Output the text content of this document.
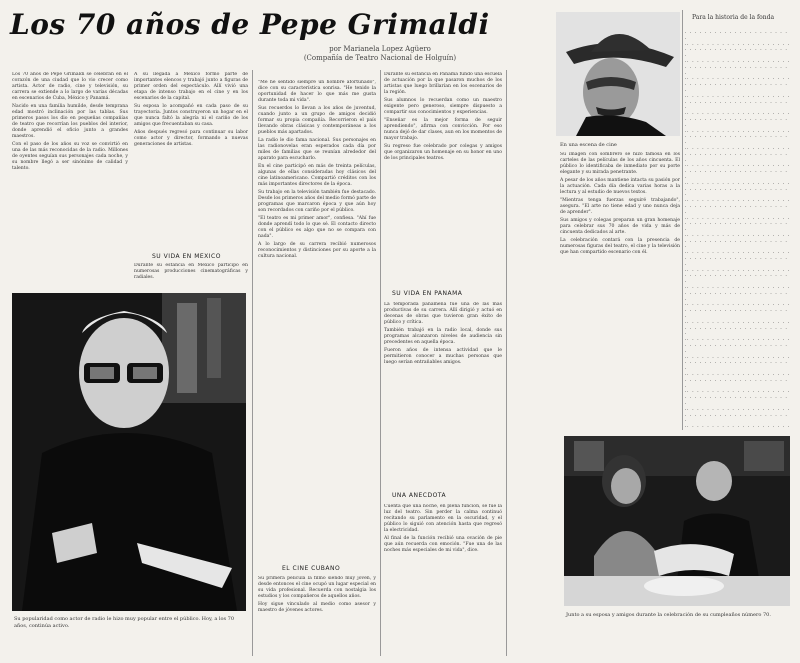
Los 70 años de Pepe Grimaldi
por Marianela Lopez Agüero
(Compañía de Teatro Nacional de Holguín)

Los 70 años de Pepe Grimaldi se celebran en el corazón de una ciudad que lo vio crecer como artista. Actor de radio, cine y televisión, su carrera se extiende a lo largo de varias décadas en escenarios de Cuba, México y Panamá.

Nacido en una familia humilde, desde temprana edad mostró inclinación por las tablas. Sus primeros pasos los dio en pequeñas compañías de teatro que recorrían los pueblos del interior, donde aprendió el oficio junto a grandes maestros.

Con el paso de los años su voz se convirtió en una de las más reconocidas de la radio. Millones de oyentes seguían sus personajes cada noche, y su nombre llegó a ser sinónimo de calidad y talento.

A su llegada a México formó parte de importantes elencos y trabajó junto a figuras de primer orden del espectáculo. Allí vivió una etapa de intenso trabajo en el cine y en los escenarios de la capital.

Su esposa lo acompañó en cada paso de su trayectoria. Juntos construyeron un hogar en el que nunca faltó la alegría ni el cariño de los amigos que frecuentaban su casa.

Años después regresó para continuar su labor como actor y director, formando a nuevas generaciones de artistas.

SU VIDA EN MEXICO

Durante su estancia en México participó en numerosas producciones cinematográficas y radiales.

Su popularidad como actor de radio le hizo muy popular entre el público. Hoy, a los 70 años, continúa activo.

"Me he sentido siempre un hombre afortunado", dice con su característica sonrisa. "He tenido la oportunidad de hacer lo que más me gusta durante toda mi vida".

Sus recuerdos lo llevan a los años de juventud, cuando junto a un grupo de amigos decidió formar su propia compañía. Recorrieron el país llevando obras clásicas y contemporáneas a los pueblos más apartados.

La radio le dio fama nacional. Sus personajes en las radionovelas eran esperados cada día por miles de familias que se reunían alrededor del aparato para escucharlo.

En el cine participó en más de treinta películas, algunas de ellas consideradas hoy clásicos del cine latinoamericano. Compartió créditos con los más importantes directores de la época.

Su trabajo en la televisión también fue destacado. Desde los primeros años del medio formó parte de programas que marcaron época y que aún hoy son recordados con cariño por el público.

"El teatro es mi primer amor", confiesa. "Ahí fue donde aprendí todo lo que sé. El contacto directo con el público es algo que no se compara con nada".

A lo largo de su carrera recibió numerosos reconocimientos y distinciones por su aporte a la cultura nacional.

EL CINE CUBANO

Su primera película la filmó siendo muy joven, y desde entonces el cine ocupó un lugar especial en su vida profesional. Recuerda con nostalgia los estudios y los compañeros de aquellos años.

Hoy sigue vinculado al medio como asesor y maestro de jóvenes actores.

Durante su estancia en Panamá fundó una escuela de actuación por la que pasaron muchos de los artistas que luego brillarían en los escenarios de la región.

Sus alumnos lo recuerdan como un maestro exigente pero generoso, siempre dispuesto a compartir sus conocimientos y experiencias.

"Enseñar es la mejor forma de seguir aprendiendo", afirma con convicción. Por eso nunca dejó de dar clases, aun en los momentos de mayor trabajo.

Su regreso fue celebrado por colegas y amigos que organizaron un homenaje en su honor en uno de los principales teatros.

SU VIDA EN PANAMA

La temporada panameña fue una de las más productivas de su carrera. Allí dirigió y actuó en decenas de obras que tuvieron gran éxito de público y crítica.

También trabajó en la radio local, donde sus programas alcanzaron niveles de audiencia sin precedentes en aquella época.

Fueron años de intensa actividad que le permitieron conocer a muchas personas que luego serían entrañables amigos.

UNA ANECDOTA

Cuenta que una noche, en plena función, se fue la luz del teatro. Sin perder la calma continuó recitando su parlamento en la oscuridad, y el público lo siguió con atención hasta que regresó la electricidad.

Al final de la función recibió una ovación de pie que aún recuerda con emoción. "Fue una de las noches más especiales de mi vida", dice.

En una escena de cine

Su imagen con sombrero se hizo famosa en los carteles de las películas de los años cincuenta. El público lo identificaba de inmediato por su porte elegante y su mirada penetrante.

A pesar de los años mantiene intacta su pasión por la actuación. Cada día dedica varias horas a la lectura y al estudio de nuevos textos.

"Mientras tenga fuerzas seguiré trabajando", asegura. "El arte no tiene edad y uno nunca deja de aprender".

Sus amigos y colegas preparan un gran homenaje para celebrar sus 70 años de vida y más de cincuenta dedicados al arte.

La celebración contará con la presencia de numerosas figuras del teatro, el cine y la televisión que han compartido escenario con él.

Para la historia de la fonda
· · · · · · · · · · · · · · · · · · · · · ·
·· · · · · · · · · · · · · · · · · · · · ·
· · · · · · · · · · · · · · · · · · · · · ·
·· · · · · · · · · · · · · · · · · · · · ·
· · · · · · · · · · · · · · · · · · · · · ·
·· · · · · · · · · · · · · · · · · · · · ·
· · · · · · · · · · · · · · · · · · · · · ·
·· · · · · · · · · · · · · · · · · · · · ·
· · · · · · · · · · · · · · · · · · · · · ·
·· · · · · · · · · · · · · · · · · · · · ·
· · · · · · · · · · · · · · · · · · · · · ·
·· · · · · · · · · · · · · · · · · · · · ·
· · · · · · · · · · · · · · · · · · · · · ·
·· · · · · · · · · · · · · · · · · · · · ·
· · · · · · · · · · · · · · · · · · · · · ·
·· · · · · · · · · · · · · · · · · · · · ·
· · · · · · · · · · · · · · · · · · · · · ·
·· · · · · · · · · · · · · · · · · · · · ·
· · · · · · · · · · · · · · · · · · · · · ·
·· · · · · · · · · · · · · · · · · · · · ·
· · · · · · · · · · · · · · · · · · · · · ·
·· · · · · · · · · · · · · · · · · · · · ·
· · · · · · · · · · · · · · · · · · · · · ·
·· · · · · · · · · · · · · · · · · · · · ·
· · · · · · · · · · · · · · · · · · · · · ·
·· · · · · · · · · · · · · · · · · · · · ·
· · · · · · · · · · · · · · · · · · · · · ·
·· · · · · · · · · · · · · · · · · · · · ·
· · · · · · · · · · · · · · · · · · · · · ·
·· · · · · · · · · · · · · · · · · · · · ·
· · · · · · · · · · · · · · · · · · · · · ·
·· · · · · · · · · · · · · · · · · · · · ·
· · · · · · · · · · · · · · · · · · · · · ·
·· · · · · · · · · · · · · · · · · · · · ·
· · · · · · · · · · · · · · · · · · · · · ·
·· · · · · · · · · · · · · · · · · · · · ·
· · · · · · · · · · · · · · · · · · · · · ·
·· · · · · · · · · · · · · · · · · · · · ·
· · · · · · · · · · · · · · · · · · · · · ·
·· · · · · · · · · · · · · · · · · · · · ·
· · · · · · · · · · · · · · · · · · · · · ·
·· · · · · · · · · · · · · · · · · · · · ·
· · · · · · · · · · · · · · · · · · · · · ·
·· · · · · · · · · · · · · · · · · · · · ·
· · · · · · · · · · · · · · · · · · · · · ·
·· · · · · · · · · · · · · · · · · · · · ·

Junto a su esposa y amigos durante la celebración de su cumpleaños número 70.
